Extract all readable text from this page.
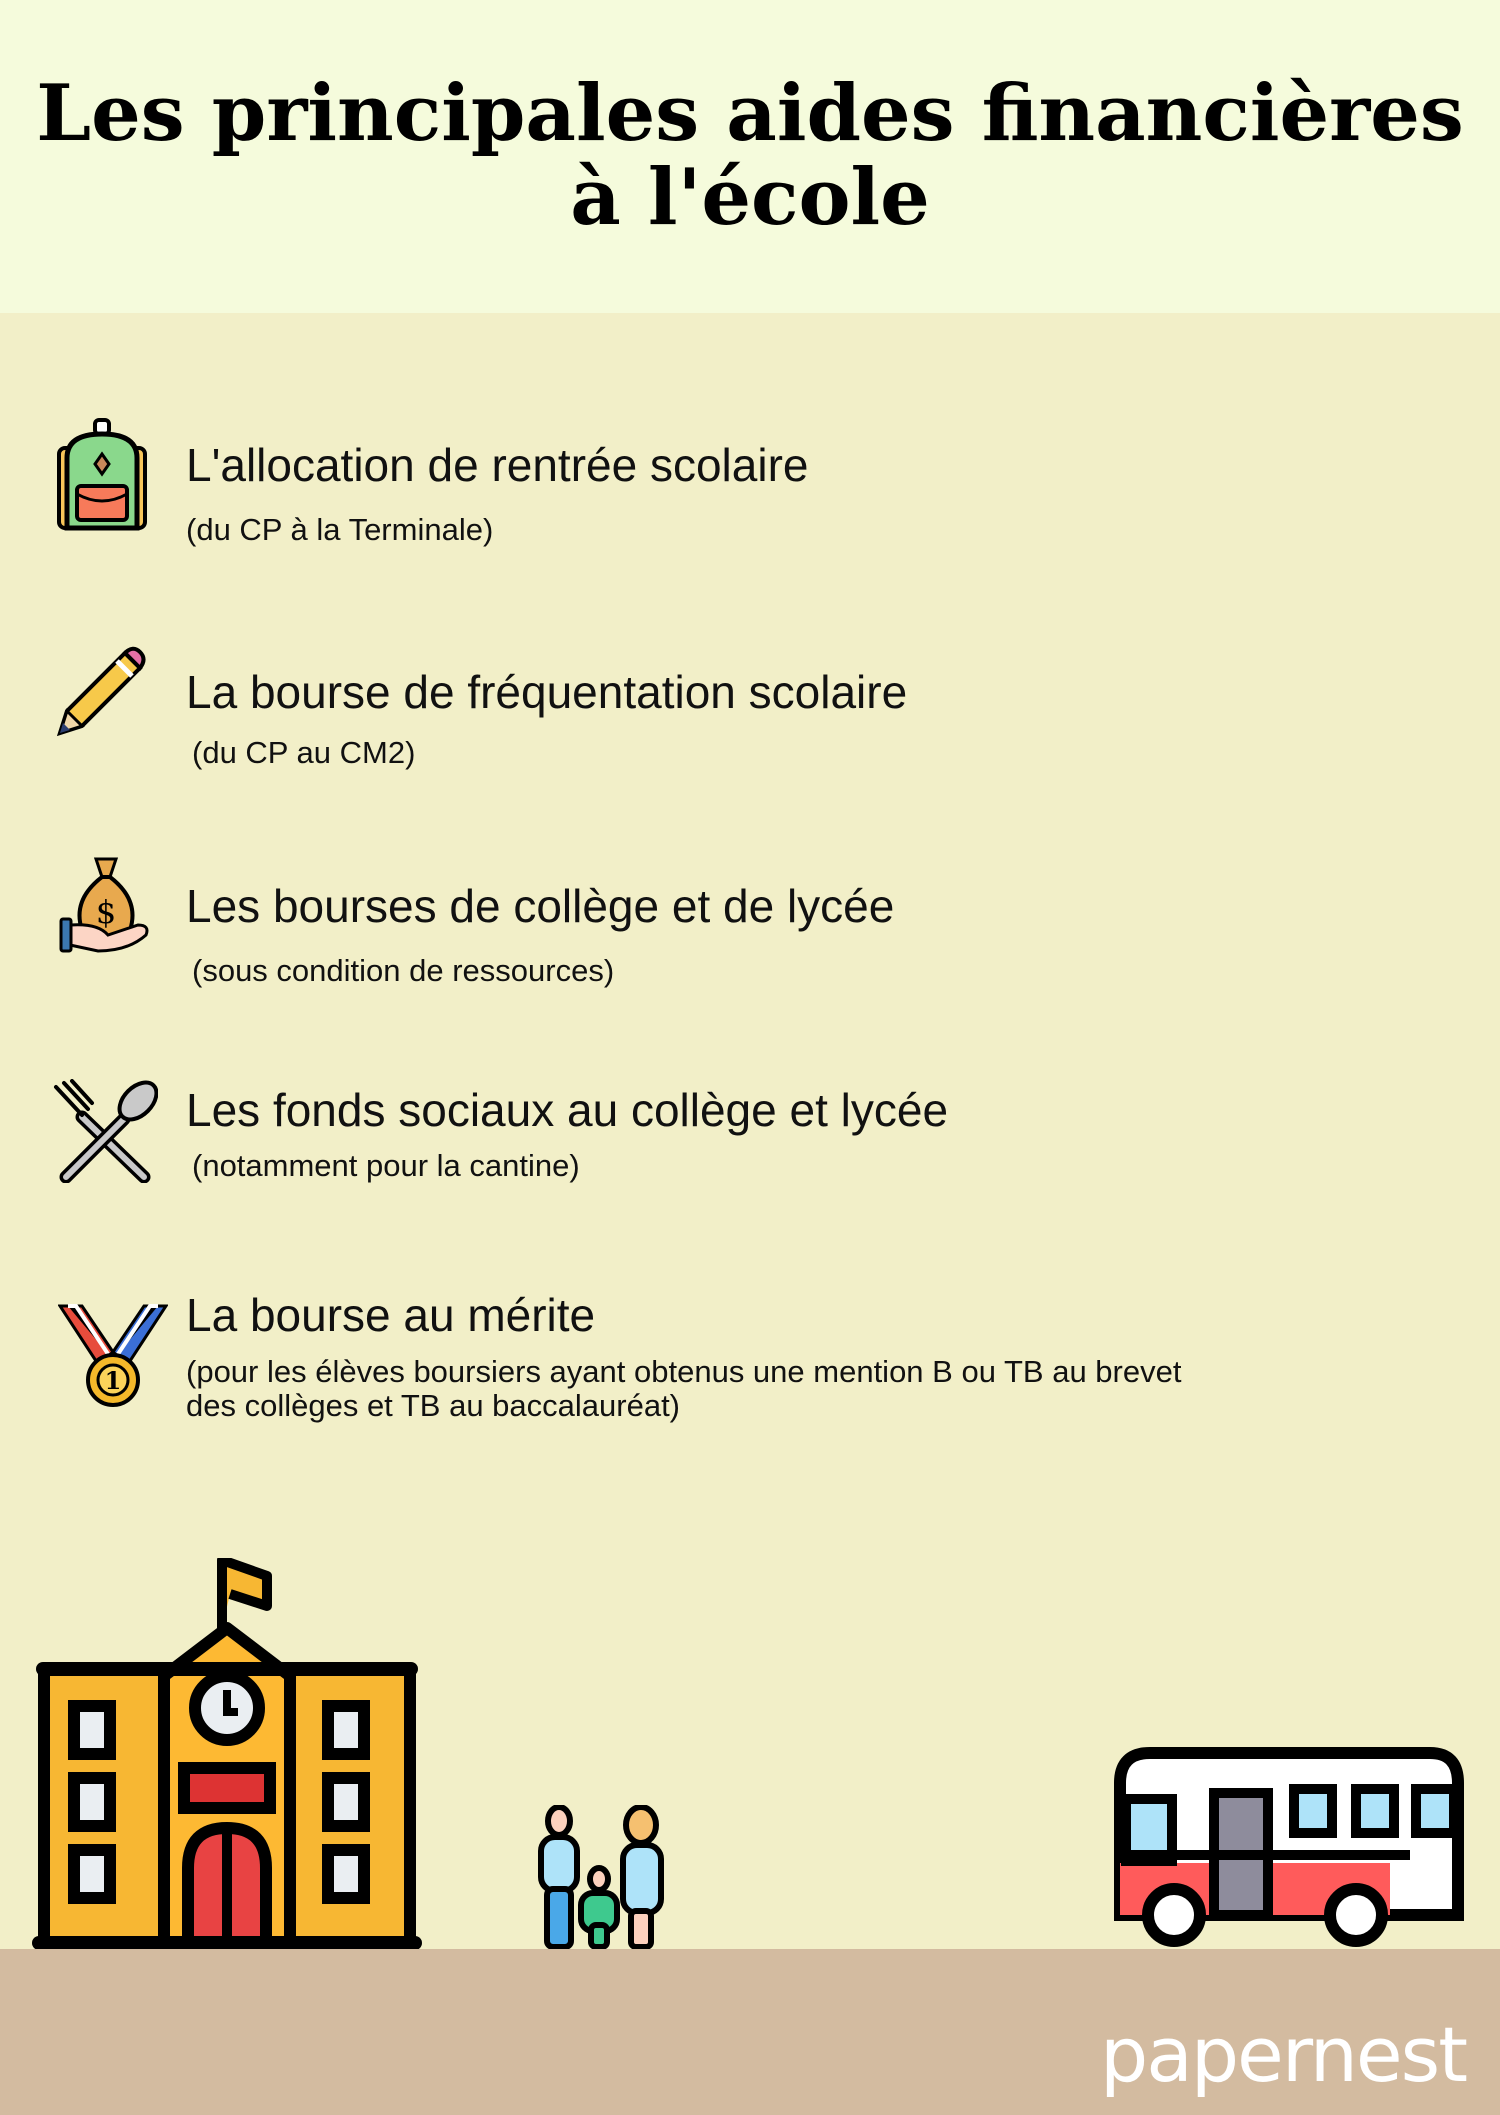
Les principales aides financières à l'école
L'allocation de rentrée scolaire
(du CP à la Terminale)
La bourse de fréquentation scolaire
(du CP au CM2)
$ Les bourses de collège et de lycée
(sous condition de ressources)
Les fonds sociaux au collège et lycée
(notamment pour la cantine)
1
La bourse au mérite
(pour les élèves boursiers ayant obtenus une mention B ou TB au brevet des collèges et TB au baccalauréat)
papernest
